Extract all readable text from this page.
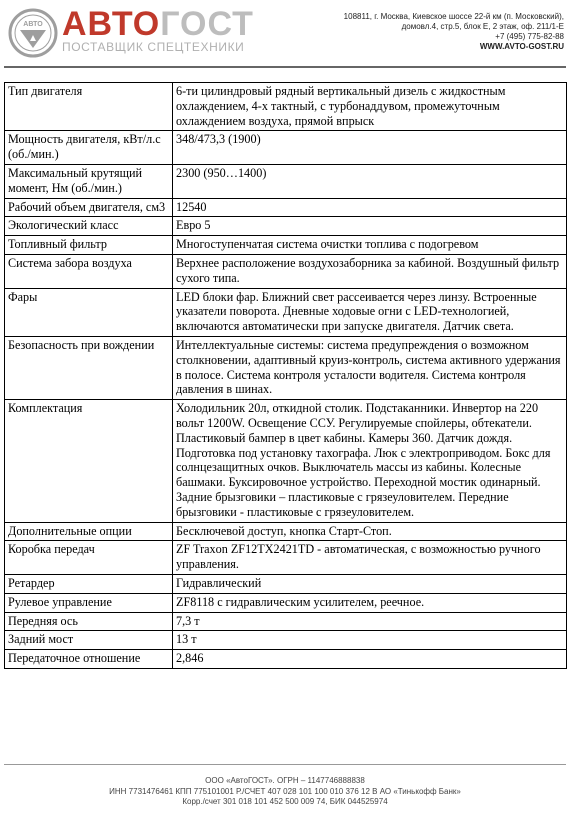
АВТО АВТОГОСТ
ПОСТАВЩИК СПЕЦТЕХНИКИ
108811, г. Москва, Киевское шоссе 22-й км (п. Московский),
домовл.4, стр.5, блок Е, 2 этаж, оф. 211/1-Е
+7 (495) 775-82-88
WWW.AVTO-GOST.RU
Тип двигателя	6-ти цилиндровый рядный вертикальный дизель с жидкостным охлаждением, 4-х тактный, с турбонаддувом, промежуточным охлаждением воздуха, прямой впрыск
Мощность двигателя, кВт/л.с (об./мин.)	348/473,3 (1900)
Максимальный крутящий момент, Нм (об./мин.)	2300 (950…1400)
Рабочий объем двигателя, см3	12540
Экологический класс	Евро 5
Топливный фильтр	Многоступенчатая система очистки топлива с подогревом
Система забора воздуха	Верхнее расположение воздухозаборника за кабиной. Воздушный фильтр сухого типа.
Фары	LED блоки фар. Ближний свет рассеивается через линзу. Встроенные указатели поворота. Дневные ходовые огни с LED-технологией, включаются автоматически при запуске двигателя. Датчик света.
Безопасность при вождении	Интеллектуальные системы: система предупреждения о возможном столкновении, адаптивный круиз-контроль, система активного удержания в полосе. Система контроля усталости водителя. Система контроля давления в шинах.
Комплектация	Холодильник 20л, откидной столик. Подстаканники. Инвертор на 220 вольт 1200W. Освещение ССУ. Регулируемые спойлеры, обтекатели. Пластиковый бампер в цвет кабины. Камеры 360. Датчик дождя. Подготовка под установку тахографа. Люк с электроприводом. Бокс для солнцезащитных очков. Выключатель массы из кабины. Колесные башмаки. Буксировочное устройство. Переходной мостик одинарный. Задние брызговики – пластиковые с грязеуловителем. Передние брызговики - пластиковые с грязеуловителем.
Дополнительные опции	Бесключевой доступ, кнопка Старт-Стоп.
Коробка передач	ZF Traxon ZF12TX2421TD - автоматическая, с возможностью ручного управления.
Ретардер	Гидравлический
Рулевое управление	ZF8118 с гидравлическим усилителем, реечное.
Передняя ось	7,3 т
Задний мост	13 т
Передаточное отношение	2,846
ООО «АвтоГОСТ». ОГРН – 1147746888838
ИНН 7731476461 КПП 775101001 Р./СЧЕТ 407 028 101 100 010 376 12 В АО «Тинькофф Банк»
Корр./счет 301 018 101 452 500 009 74, БИК 044525974
